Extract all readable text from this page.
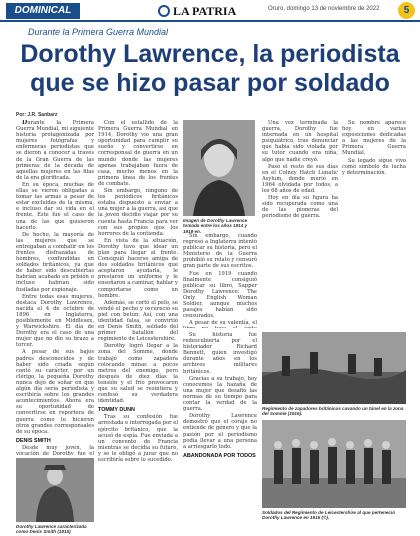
DOMINICAL	LA PATRIA	Oruro, domingo 13 de noviembre de 2022	5
Durante la Primera Guerra Mundial
Dorothy Lawrence, la periodista
que se hizo pasar por soldado
Por: J.R. Sanbarz

Durante la Primera Guerra Mundial, mi siguiente historia protagonizada por mujeres fotógrafas y enfermeras periodistas que se dieron a conocer a través de la Gran Guerra de las primeras de la década de aquellas mujeres en las filas de la era glorificada.

En su época, muchas de ellas se vieron obligadas a tomar las armas a pesar de estar excluidas de la misma, e incluso dar su vida en el frente. Este fue el caso de una de las que quisieron hacerlo.

De hecho, la mayoría de las mujeres que se entregaban a combatir en los frentes disfrazadas de hombres, confundidas en soldados británicos, ya que de haber sido descubiertas habrían acabado en prisión o incluso habrían sido fusiladas por espionaje.

Entre todas esas mujeres, destaca Dorothy Lawrence, nacida el 4 de octubre de 1896 en Inglaterra, posiblemente en Middlesex, y Warwickshire. El día de Dorothy era el caso de una mujer que no dio su brazo a torcer.

A pesar de sus bajos padres desconocidos y de haber sido criada según contó su carácter, por un clérigo, la pequeña Dorothy nunca dejó de soñar en que algún día sería periodista y escribiría sobre los grandes acontecimientos. Ahora era su oportunidad de convertirse en reportera de guerra como lo hicieron otros grandes corresponsales de su época.

DENIS SMITH

Desde muy joven, la vocación de Dorothy fue el

Con el estallido de la Primera Guerra Mundial en 1914, Dorothy vio una gran oportunidad para cumplir su sueño y convertirse en corresponsal de guerra en un mundo donde las mujeres apenas trabajaban fuera de casa, mucho menos en la primera línea de los frentes de combate.

Sin embargo, ninguno de los periódicos británicos estaba dispuesto a enviar a una mujer a la guerra, así que la joven decidió viajar por su cuenta hasta Francia para ver con sus propios ojos los horrores de la contienda.

En vista de la situación, Dorothy tuvo que idear un plan para llegar al frente. Consiguió hacerse amiga de dos soldados británicos que aceptaron ayudarla, le prestaron un uniforme y le enseñaron a caminar, hablar y comportarse como un hombre.

Además, se cortó el pelo, se vendó el pecho y oscureció su piel con betún. Así, con una identidad falsa, se convirtió en Denis Smith, soldado del primer batallón del regimiento de Leicestershire.

Dorothy logró llegar a la zona del Somme, donde trabajó como zapadora colocando minas a pocos metros del enemigo, pero después de diez días la tensión y el frío provocaron que su salud se resintiera y confesó su verdadera identidad.

TOMMY DUNN

Tras su confesión fue arrestada e interrogada por el ejército británico, que la acusó de espía. Fue enviada a un convento de Francia mientras se decidía su futuro, y se le obligó a jurar que no escribiría sobre lo sucedido.

Imagen de Dorothy Lawrence tomada entre los años 1914 y 1919 en.

Sin embargo, cuando regresó a Inglaterra intentó publicar su historia, pero el Ministerio de la Guerra prohibió su relato y censuró gran parte de sus escritos.

Fue en 1919 cuando finalmente consiguió publicar su libro, Sapper Dorothy Lawrence: The Only English Woman Soldier, aunque muchos pasajes habían sido censurados.

A pesar de su valentía, el

Una vez terminada la guerra, Dorothy fue internada en un hospital psiquiátrico, tras denunciar que había sido violada por su tutor cuando era niña, algo que nadie creyó.

Pasó el resto de sus días en el Colney Hatch Lunatic Asylum, donde murió en 1964 olvidada por todos, a los 68 años de edad.

Hoy en día su figura ha sido recuperada como una de las pioneras del periodismo de guerra.

Su nombre aparece hoy en varias exposiciones dedicadas a las mujeres de la Primera Guerra Mundial.

Su legado sigue vivo como símbolo de lucha y determinación.

Regimiento de zapadores británicos cavando un túnel en la zona del Somme (1916).

Su historia fue redescubierta por el historiador Richard Bennett, quien investigó durante años en los archivos militares británicos.

Gracias a su trabajo, hoy conocemos la hazaña de una mujer que desafió las normas de su tiempo para contar la verdad de la guerra.

Dorothy Lawrence demostró que el coraje no entiende de género y que la pasión por el periodismo podía llevar a una persona a arriesgarlo todo.

ABANDONADA POR TODOS
Dorothy Lawrence caracterizada como Denis Smith (1915)
Soldados del Regimiento de Leicestershire al que perteneció Dorothy Lawrence en 1915 (©).
